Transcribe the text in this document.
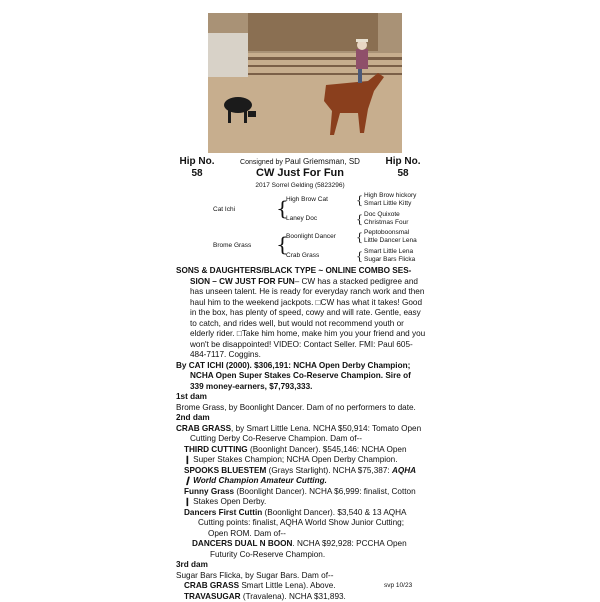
Hip No.
58
Hip No.
58
Consigned by Paul Griemsman, SD
CW Just For Fun
2017 Sorrel Gelding (5823296)
Cat Ichi
Brome Grass
{
{
High Brow Cat
Laney Doc
Boonlight Dancer
Crab Grass
{
{
{
{
High Brow hickory
Smart Little Kitty
Doc Quixote
Christmas Four
Peptoboonsmal
Little Dancer Lena
Smart Little Lena
Sugar Bars Flicka
SONS & DAUGHTERS/BLACK TYPE ~ ONLINE COMBO SES-
SION – CW JUST FOR FUN– CW has a stacked pedigree and
has unseen talent. He is ready for everyday ranch work and then
haul him to the weekend jackpots. □CW has what it takes! Good
in the box, has plenty of speed, cowy and will rate. Gentle, easy
to catch, and rides well, but would not recommend youth or
elderly rider. □Take him home, make him you your friend and you
won't be disappointed! VIDEO: Contact Seller. FMI: Paul 605-
484-7117. Coggins.
By CAT ICHI (2000). $306,191: NCHA Open Derby Champion;
NCHA Open Super Stakes Co-Reserve Champion. Sire of
339 money-earners, $7,793,333.
1st dam
Brome Grass, by Boonlight Dancer. Dam of no performers to date.
2nd dam
CRAB GRASS, by Smart Little Lena. NCHA $50,914: Tomato Open
Cutting Derby Co-Reserve Champion. Dam of--
THIRD CUTTING (Boonlight Dancer). $545,146: NCHA Open
❙ Super Stakes Champion; NCHA Open Derby Champion.
SPOOKS BLUESTEM (Grays Starlight). NCHA $75,387: AQHA
❙ World Champion Amateur Cutting.
Funny Grass (Boonlight Dancer). NCHA $6,999: finalist, Cotton
❙ Stakes Open Derby.
Dancers First Cuttin (Boonlight Dancer). $3,540 & 13 AQHA
Cutting points: finalist, AQHA World Show Junior Cutting;
Open ROM. Dam of--
DANCERS DUAL N BOON. NCHA $92,928: PCCHA Open
Futurity Co-Reserve Champion.
3rd dam
Sugar Bars Flicka, by Sugar Bars. Dam of--
CRAB GRASS Smart Little Lena). Above.
TRAVASUGAR (Travalena). NCHA $31,893.
svp 10/23
